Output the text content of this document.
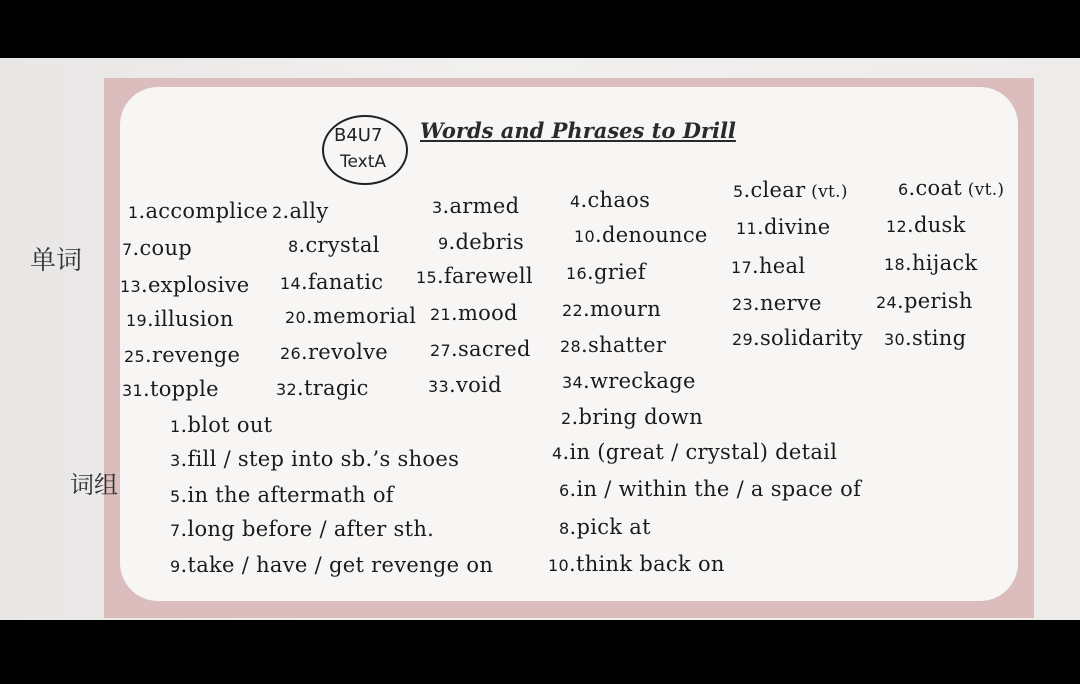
B4U7
TextA
Words and Phrases to Drill
单词
词组
1.accomplice 2.ally	3.armed	4.chaos	5.clear (vt.)	6.coat (vt.)
7.coup	8.crystal	9.debris	10.denounce 11.divine	12.dusk
13.explosive 14.fanatic 15.farewell 16.grief	17.heal	18.hijack
19.illusion	20.memorial 21.mood	22.mourn	23.nerve	24.perish
25.revenge 26.revolve	27.sacred 28.shatter	29.solidarity 30.sting
31.topple	32.tragic	33.void	34.wreckage
1.blot out	2.bring down
3.fill / step into sb.’s shoes	4.in (great / crystal) detail
5.in the aftermath of	6.in / within the / a space of
7.long before / after sth.	8.pick at
9.take / have / get revenge on	10.think back on
